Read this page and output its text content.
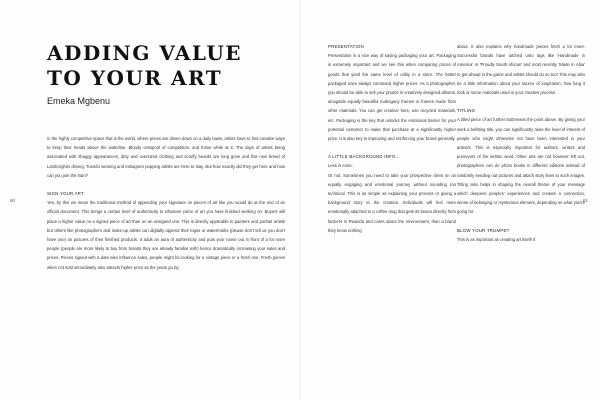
ADDING VALUE
TO YOUR ART

Emeka Mgbenu

In the highly competitive space that is the world, where prices are driven down on a daily basis, artists have to find creative ways to keep their heads above the waterline. Bloody cesspool of competition, and thrive while at it. The days of artists being associated with shaggy appearances, dirty and oversized clothing and scruffy beards are long gone and this new breed of Lamborghini driving, Tuxedo wearing and Instagram popping artists are here to stay. But how exactly did they get here and how can you join the train?

SIGN YOUR ART.

Yes, by this we mean the traditional method of appending your signature on pieces of art like you would do at the end of an official document. This brings a certain level of authenticity to whatever piece of art you have finished working on. Buyers will place a higher value on a signed piece of art than on an unsigned one. This is directly applicable to painters and portrait artists but others like photographers and make-up artists can digitally append their logos or watermarks (please don't tell us you don't have one) on pictures of their finished products. It adds an aura of authenticity and puts your name out in front of a lot more people (people are more likely to buy from brands they are already familiar with) hence dramatically increasing your sales and prices. Pieces signed with a date also influence sales, people might be looking for a vintage piece or a fresh one. Fresh pieces when not sold immediately also attracts higher price as the years go by.

60

PRESENTATION

Presentation is a nice way of saying packaging your art. Packaging is extremely important and we see this when comparing prices of goods that yield the same level of utility in a store. The better packaged ones always command higher prices. As a photographer, you should be able to sell your photos in creatively designed albums, alongside equally beautiful mahogany frames or frames made from other materials. You can get creative here, use recycled materials, etc. Packaging is the key that unlocks the emotional barrier for your potential customer to make that purchase at a significantly higher price. It is also key to improving and reinforcing your brand generally.

A LITTLE BACKGROUND INFO...

Less is more.

Or not. Sometimes you need to take your prospective client on an equally engaging and emotional journey without sounding too technical. This is as simple as explaining your process or giving a background story to the creation. Individuals will feel more emotionally attached to a coffee mug that gets its beans directly from farmers in Rwanda and cares about the environment, than a brand they know nothing

about. It also explains why handmade pieces fetch a lot more. Successful brands have latched unto tags like 'Handmade in America' or 'Proudly South African' and most recently 'Made In Abia' to get ahead in the game and artists should do so too! This may also be a little information about your source of inspiration, how long it took or some materials used in your creative process.

TITLING

A titled piece of art further buttresses the point above. By giving your work a befitting title, you can significantly raise the level of interest of people who might otherwise not have been interested in your artwork. This is especially important for authors, writers and purveyors of the written word. Other arts are not however left out, photographers can do photo books in different editions instead of randomly sending out pictures and attach story lines to such images. Titling also helps in shaping the overall theme of your message which deepens peoples' experiences and creates a connection, sense of belonging or mysterious element, depending on what you're going for.

BLOW YOUR TRUMPET

This is as important as creating art itself! If

61
